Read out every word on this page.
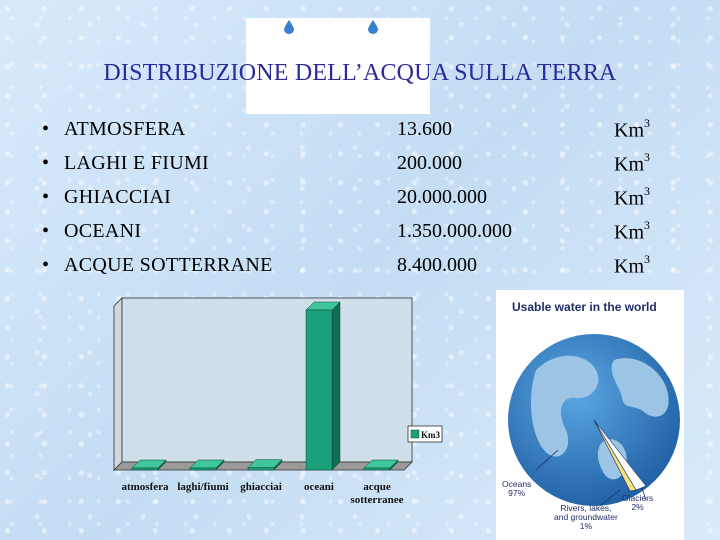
DISTRIBUZIONE DELL’ACQUA SULLA TERRA
• ATMOSFERA	13.600	Km$^3$
• LAGHI E FIUMI	200.000	Km$^3$
• GHIACCIAI	20.000.000	Km$^3$
• OCEANI	1.350.000.000	Km$^3$
• ACQUE SOTTERRANE	8.400.000	Km$^3$
atmosfera laghi/fiumi ghiacciai oceani	acque
sotterranee
Km3
Usable water in the world
Oceans
97%	Glaciers
2%
Rivers, lakes,
and groundwater
1%
